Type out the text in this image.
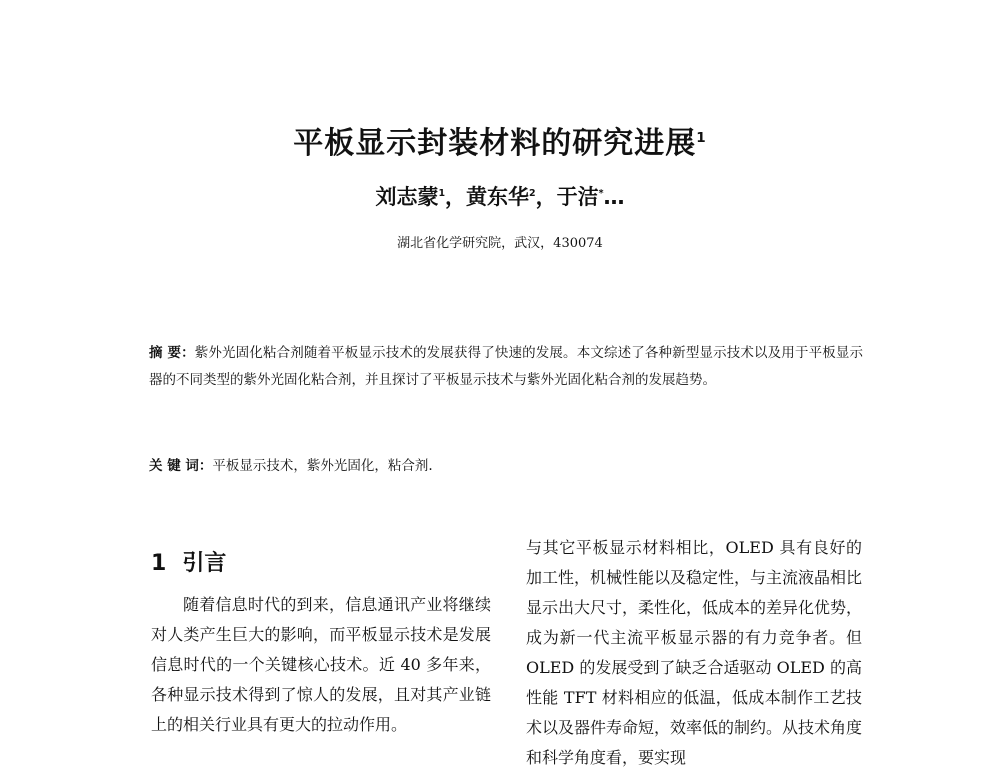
平板显示封装材料的研究进展$^1$
刘志蒙$^1$，黄东华$^2$，于洁*…
湖北省化学研究院，武汉，430074
摘 要：紫外光固化粘合剂随着平板显示技术的发展获得了快速的发展。本文综述了各种新型显示技术以及用于平板显示器的不同类型的紫外光固化粘合剂，并且探讨了平板显示技术与紫外光固化粘合剂的发展趋势。
关 键 词：平板显示技术，紫外光固化，粘合剂.
1 引言

随着信息时代的到来，信息通讯产业将继续对人类产生巨大的影响，而平板显示技术是发展信息时代的一个关键核心技术。近 40 多年来，各种显示技术得到了惊人的发展，且对其产业链上的相关行业具有更大的拉动作用。

与其它平板显示材料相比，OLED 具有良好的加工性，机械性能以及稳定性，与主流液晶相比显示出大尺寸，柔性化，低成本的差异化优势，成为新一代主流平板显示器的有力竞争者。但 OLED 的发展受到了缺乏合适驱动 OLED 的高性能 TFT 材料相应的低温，低成本制作工艺技术以及器件寿命短，效率低的制约。从技术角度和科学角度看，要实现
